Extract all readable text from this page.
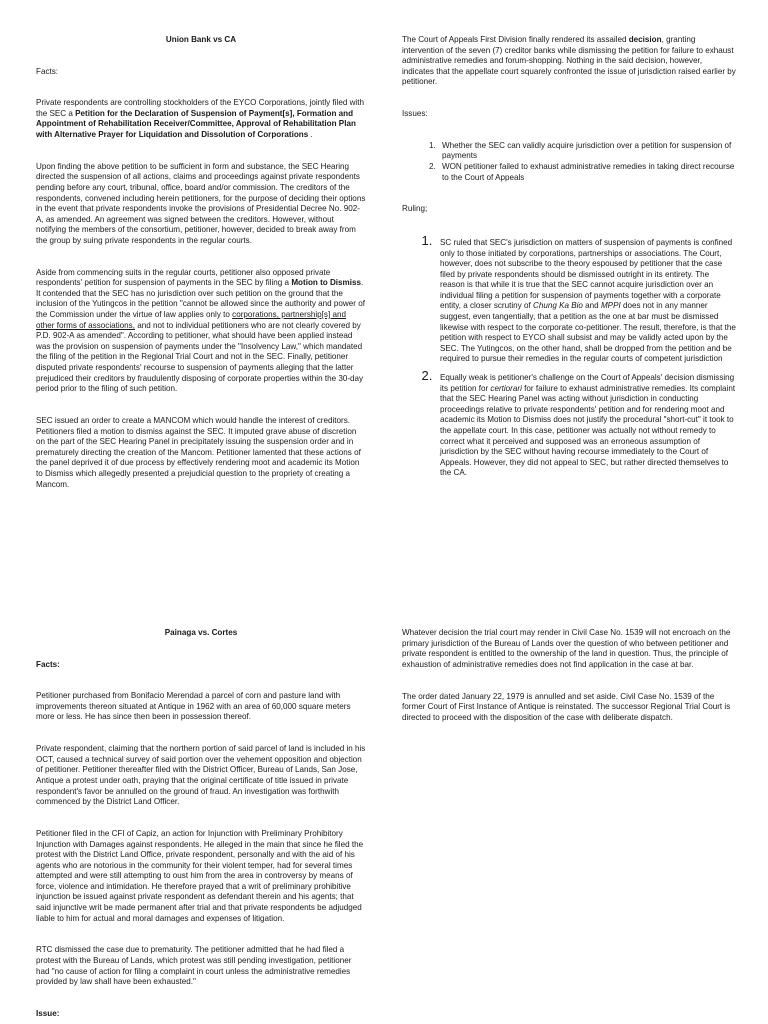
Union Bank vs CA

Facts:

Private respondents are controlling stockholders of the EYCO Corporations, jointly filed with the SEC a Petition for the Declaration of Suspension of Payment[s], Formation and Appointment of Rehabilitation Receiver/Committee, Approval of Rehabilitation Plan with Alternative Prayer for Liquidation and Dissolution of Corporations .

Upon finding the above petition to be sufficient in form and substance, the SEC Hearing directed the suspension of all actions, claims and proceedings against private respondents pending before any court, tribunal, office, board and/or commission. The creditors of the respondents, convened including herein petitioners, for the purpose of deciding their options in the event that private respondents invoke the provisions of Presidential Decree No. 902-A, as amended. An agreement was signed between the creditors. However, without notifying the members of the consortium, petitioner, however, decided to break away from the group by suing private respondents in the regular courts.

Aside from commencing suits in the regular courts, petitioner also opposed private respondents' petition for suspension of payments in the SEC by filing a Motion to Dismiss. It contended that the SEC has no jurisdiction over such petition on the ground that the inclusion of the Yutingcos in the petition "cannot be allowed since the authority and power of the Commission under the virtue of law applies only to corporations, partnership[s] and other forms of associations, and not to individual petitioners who are not clearly covered by P.D. 902-A as amended". According to petitioner, what should have been applied instead was the provision on suspension of payments under the "Insolvency Law," which mandated the filing of the petition in the Regional Trial Court and not in the SEC. Finally, petitioner disputed private respondents' recourse to suspension of payments alleging that the latter prejudiced their creditors by fraudulently disposing of corporate properties within the 30-day period prior to the filing of such petition.

SEC issued an order to create a MANCOM which would handle the interest of creditors. Petitioners filed a motion to dismiss against the SEC. It imputed grave abuse of discretion on the part of the SEC Hearing Panel in precipitately issuing the suspension order and in prematurely directing the creation of the Mancom. Petitioner lamented that these actions of the panel deprived it of due process by effectively rendering moot and academic its Motion to Dismiss which allegedly presented a prejudicial question to the propriety of creating a Mancom.

The Court of Appeals First Division finally rendered its assailed decision, granting intervention of the seven (7) creditor banks while dismissing the petition for failure to exhaust administrative remedies and forum-shopping. Nothing in the said decision, however, indicates that the appellate court squarely confronted the issue of jurisdiction raised earlier by petitioner.

Issues:

1. Whether the SEC can validly acquire jurisdiction over a petition for suspension of payments
2. WON petitioner failed to exhaust administrative remedies in taking direct recourse to the Court of Appeals

Ruling;

1. SC ruled that SEC's jurisdiction on matters of suspension of payments is confined only to those initiated by corporations, partnerships or associations. The Court, however, does not subscribe to the theory espoused by petitioner that the case filed by private respondents should be dismissed outright in its entirety. The reason is that while it is true that the SEC cannot acquire jurisdiction over an individual filing a petition for suspension of payments together with a corporate entity, a closer scrutiny of Chung Ka Bio and MPPI does not in any manner suggest, even tangentially, that a petition as the one at bar must be dismissed likewise with respect to the corporate co-petitioner. The result, therefore, is that the petition with respect to EYCO shall subsist and may be validly acted upon by the SEC. The Yutingcos, on the other hand, shall be dropped from the petition and be required to pursue their remedies in the regular courts of competent jurisdiction
2. Equally weak is petitioner's challenge on the Court of Appeals' decision dismissing its petition for certiorari for failure to exhaust administrative remedies. Its complaint that the SEC Hearing Panel was acting without jurisdiction in conducting proceedings relative to private respondents' petition and for rendering moot and academic its Motion to Dismiss does not justify the procedural "short-cut" it took to the appellate court. In this case, petitioner was actually not without remedy to correct what it perceived and supposed was an erroneous assumption of jurisdiction by the SEC without having recourse immediately to the Court of Appeals. However, they did not appeal to SEC, but rather directed themselves to the CA.

Painaga vs. Cortes

Facts:

Petitioner purchased from Bonifacio Merendad a parcel of corn and pasture land with improvements thereon situated at Antique in 1962 with an area of 60,000 square meters more or less. He has since then been in possession thereof.

Private respondent, claiming that the northern portion of said parcel of land is included in his OCT, caused a technical survey of said portion over the vehement opposition and objection of petitioner. Petitioner thereafter filed with the District Officer, Bureau of Lands, San Jose, Antique a protest under oath, praying that the original certificate of title issued in private respondent's favor be annulled on the ground of fraud. An investigation was forthwith commenced by the District Land Officer.

Petitioner filed in the CFI of Capiz, an action for Injunction with Preliminary Prohibitory Injunction with Damages against respondents. He alleged in the main that since he filed the protest with the District Land Office, private respondent, personally and with the aid of his agents who are notorious in the community for their violent temper, had for several times attempted and were still attempting to oust him from the area in controversy by means of force, violence and intimidation. He therefore prayed that a writ of preliminary prohibitive injunction be issued against private respondent as defendant therein and his agents; that said injunctive writ be made permanent after trial and that private respondents be adjudged liable to him for actual and moral damages and expenses of litigation.

RTC dismissed the case due to prematurity. The petitioner admitted that he had filed a protest with the Bureau of Lands, which protest was still pending investigation, petitioner had "no cause of action for filing a complaint in court unless the administrative remedies provided by law shall have been exhausted."

Issue:

Whatever decision the trial court may render in Civil Case No. 1539 will not encroach on the primary jurisdiction of the Bureau of Lands over the question of who between petitioner and private respondent is entitled to the ownership of the land in question. Thus, the principle of exhaustion of administrative remedies does not find application in the case at bar.

The order dated January 22, 1979 is annulled and set aside. Civil Case No. 1539 of the former Court of First Instance of Antique is reinstated. The successor Regional Trial Court is directed to proceed with the disposition of the case with deliberate dispatch.
